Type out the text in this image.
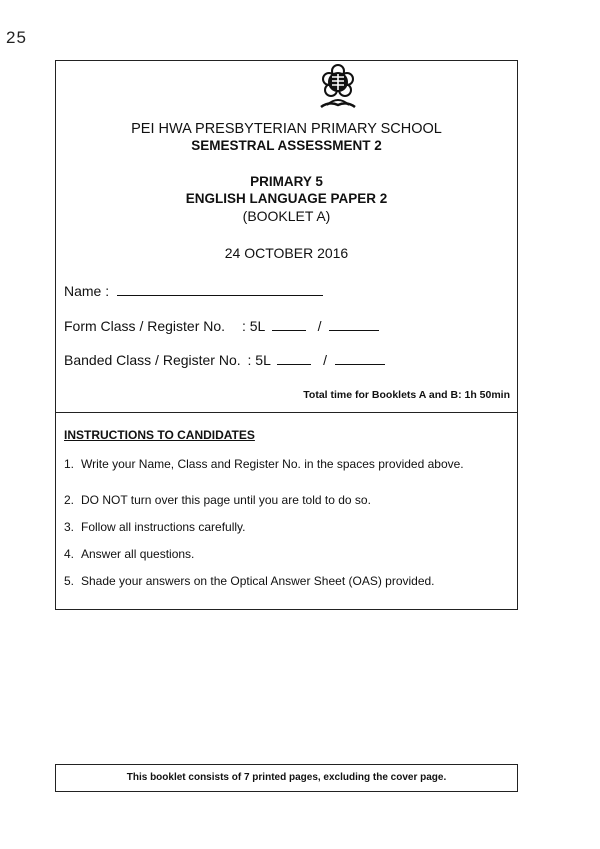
25
PEI HWA PRESBYTERIAN PRIMARY SCHOOL
SEMESTRAL ASSESSMENT 2
PRIMARY 5
ENGLISH LANGUAGE PAPER 2
(BOOKLET A)
24 OCTOBER 2016
Name :
Form Class / Register No. : 5L	/
Banded Class / Register No. : 5L	/
Total time for Booklets A and B: 1h 50min
INSTRUCTIONS TO CANDIDATES
1. Write your Name, Class and Register No. in the spaces provided above.
2. DO NOT turn over this page until you are told to do so.
3. Follow all instructions carefully.
4. Answer all questions.
5. Shade your answers on the Optical Answer Sheet (OAS) provided.
This booklet consists of 7 printed pages, excluding the cover page.
